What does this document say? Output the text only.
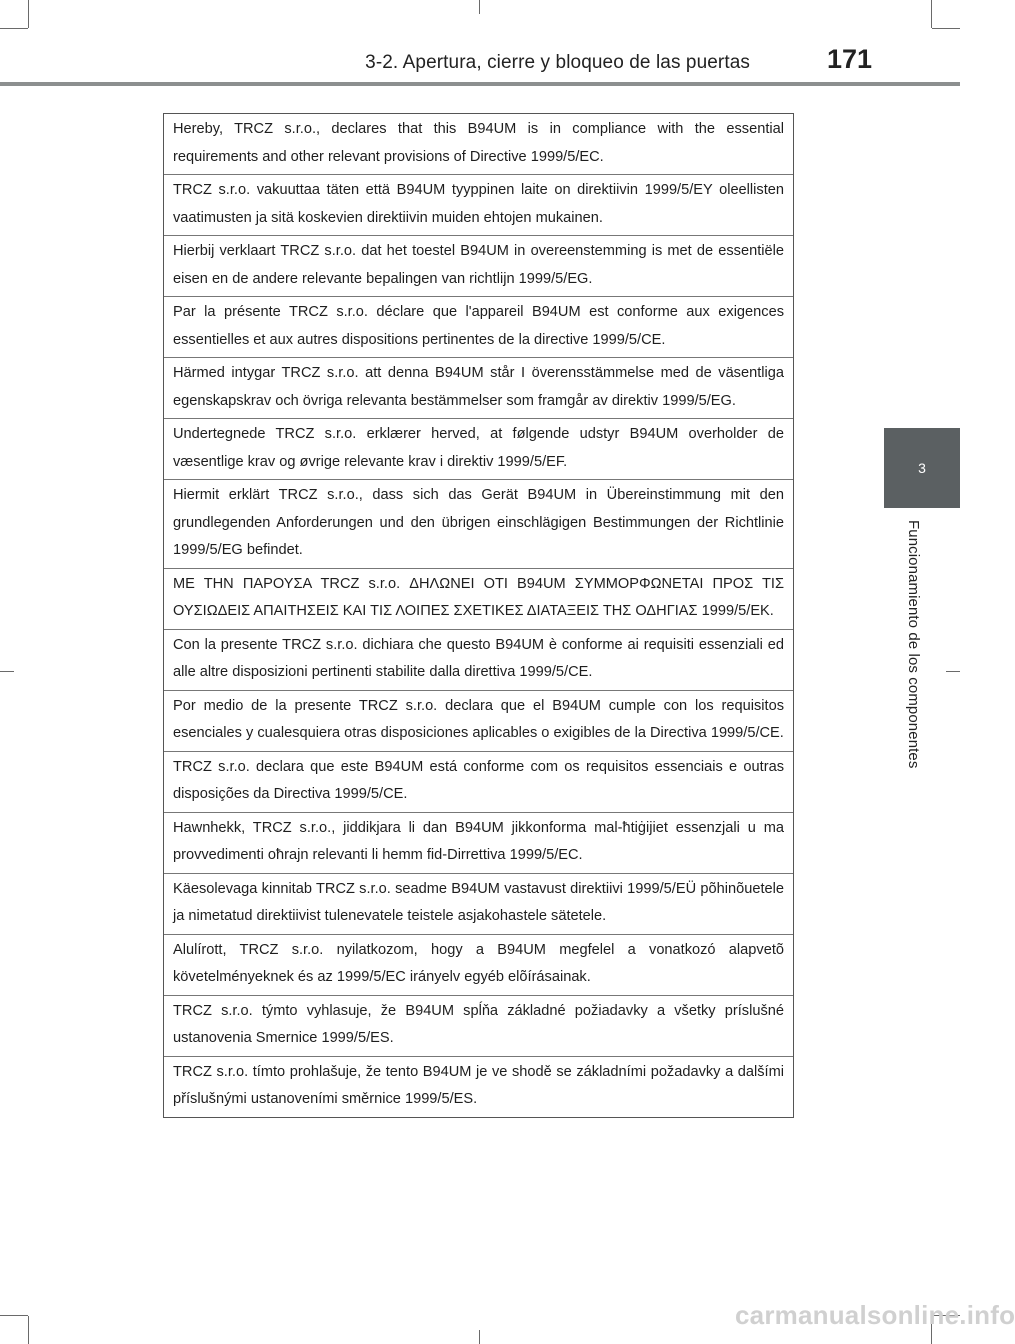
3-2. Apertura, cierre y bloqueo de las puertas	171
3
Funcionamiento de los componentes
Hereby, TRCZ s.r.o., declares that this B94UM is in compliance with the essential requirements and other relevant provisions of Directive 1999/5/EC.
TRCZ s.r.o. vakuuttaa täten että B94UM tyyppinen laite on direktiivin 1999/5/EY oleellisten vaatimusten ja sitä koskevien direktiivin muiden ehtojen mukainen.
Hierbij verklaart TRCZ s.r.o. dat het toestel B94UM in overeenstemming is met de essentiële eisen en de andere relevante bepalingen van richtlijn 1999/5/EG.
Par la présente TRCZ s.r.o. déclare que l'appareil B94UM est conforme aux exigences essentielles et aux autres dispositions pertinentes de la directive 1999/5/CE.
Härmed intygar TRCZ s.r.o. att denna B94UM står I överensstämmelse med de väsentliga egenskapskrav och övriga relevanta bestämmelser som framgår av direktiv 1999/5/EG.
Undertegnede TRCZ s.r.o. erklærer herved, at følgende udstyr B94UM overholder de væsentlige krav og øvrige relevante krav i direktiv 1999/5/EF.
Hiermit erklärt TRCZ s.r.o., dass sich das Gerät B94UM in Übereinstimmung mit den grundlegenden Anforderungen und den übrigen einschlägigen Bestimmungen der Richtlinie 1999/5/EG befindet.
ΜΕ ΤΗΝ ΠΑΡΟΥΣΑ TRCZ s.r.o. ΔΗΛΩΝΕΙ ΟΤΙ B94UM ΣΥΜΜΟΡΦΩΝΕΤΑΙ ΠΡΟΣ ΤΙΣ ΟΥΣΙΩΔΕΙΣ ΑΠΑΙΤΗΣΕΙΣ ΚΑΙ ΤΙΣ ΛΟΙΠΕΣ ΣΧΕΤΙΚΕΣ ΔΙΑΤΑΞΕΙΣ ΤΗΣ ΟΔΗΓΙΑΣ 1999/5/ΕΚ.
Con la presente TRCZ s.r.o. dichiara che questo B94UM è conforme ai requisiti essenziali ed alle altre disposizioni pertinenti stabilite dalla direttiva 1999/5/CE.
Por medio de la presente TRCZ s.r.o. declara que el B94UM cumple con los requisitos esenciales y cualesquiera otras disposiciones aplicables o exigibles de la Directiva 1999/5/CE.
TRCZ s.r.o. declara que este B94UM está conforme com os requisitos essenciais e outras disposições da Directiva 1999/5/CE.
Hawnhekk, TRCZ s.r.o., jiddikjara li dan B94UM jikkonforma mal-ħtiġijiet essenzjali u ma provvedimenti oħrajn relevanti li hemm fid-Dirrettiva 1999/5/EC.
Käesolevaga kinnitab TRCZ s.r.o. seadme B94UM vastavust direktiivi 1999/5/EÜ põhinõuetele ja nimetatud direktiivist tulenevatele teistele asjakohastele sätetele.
Alulírott, TRCZ s.r.o. nyilatkozom, hogy a B94UM megfelel a vonatkozó alapvetõ követelményeknek és az 1999/5/EC irányelv egyéb elõírásainak.
TRCZ s.r.o. týmto vyhlasuje, že B94UM spĺňa základné požiadavky a všetky príslušné ustanovenia Smernice 1999/5/ES.
TRCZ s.r.o. tímto prohlašuje, že tento B94UM je ve shodě se základními požadavky a dalšími příslušnými ustanoveními směrnice 1999/5/ES.
carmanualsonline.info
